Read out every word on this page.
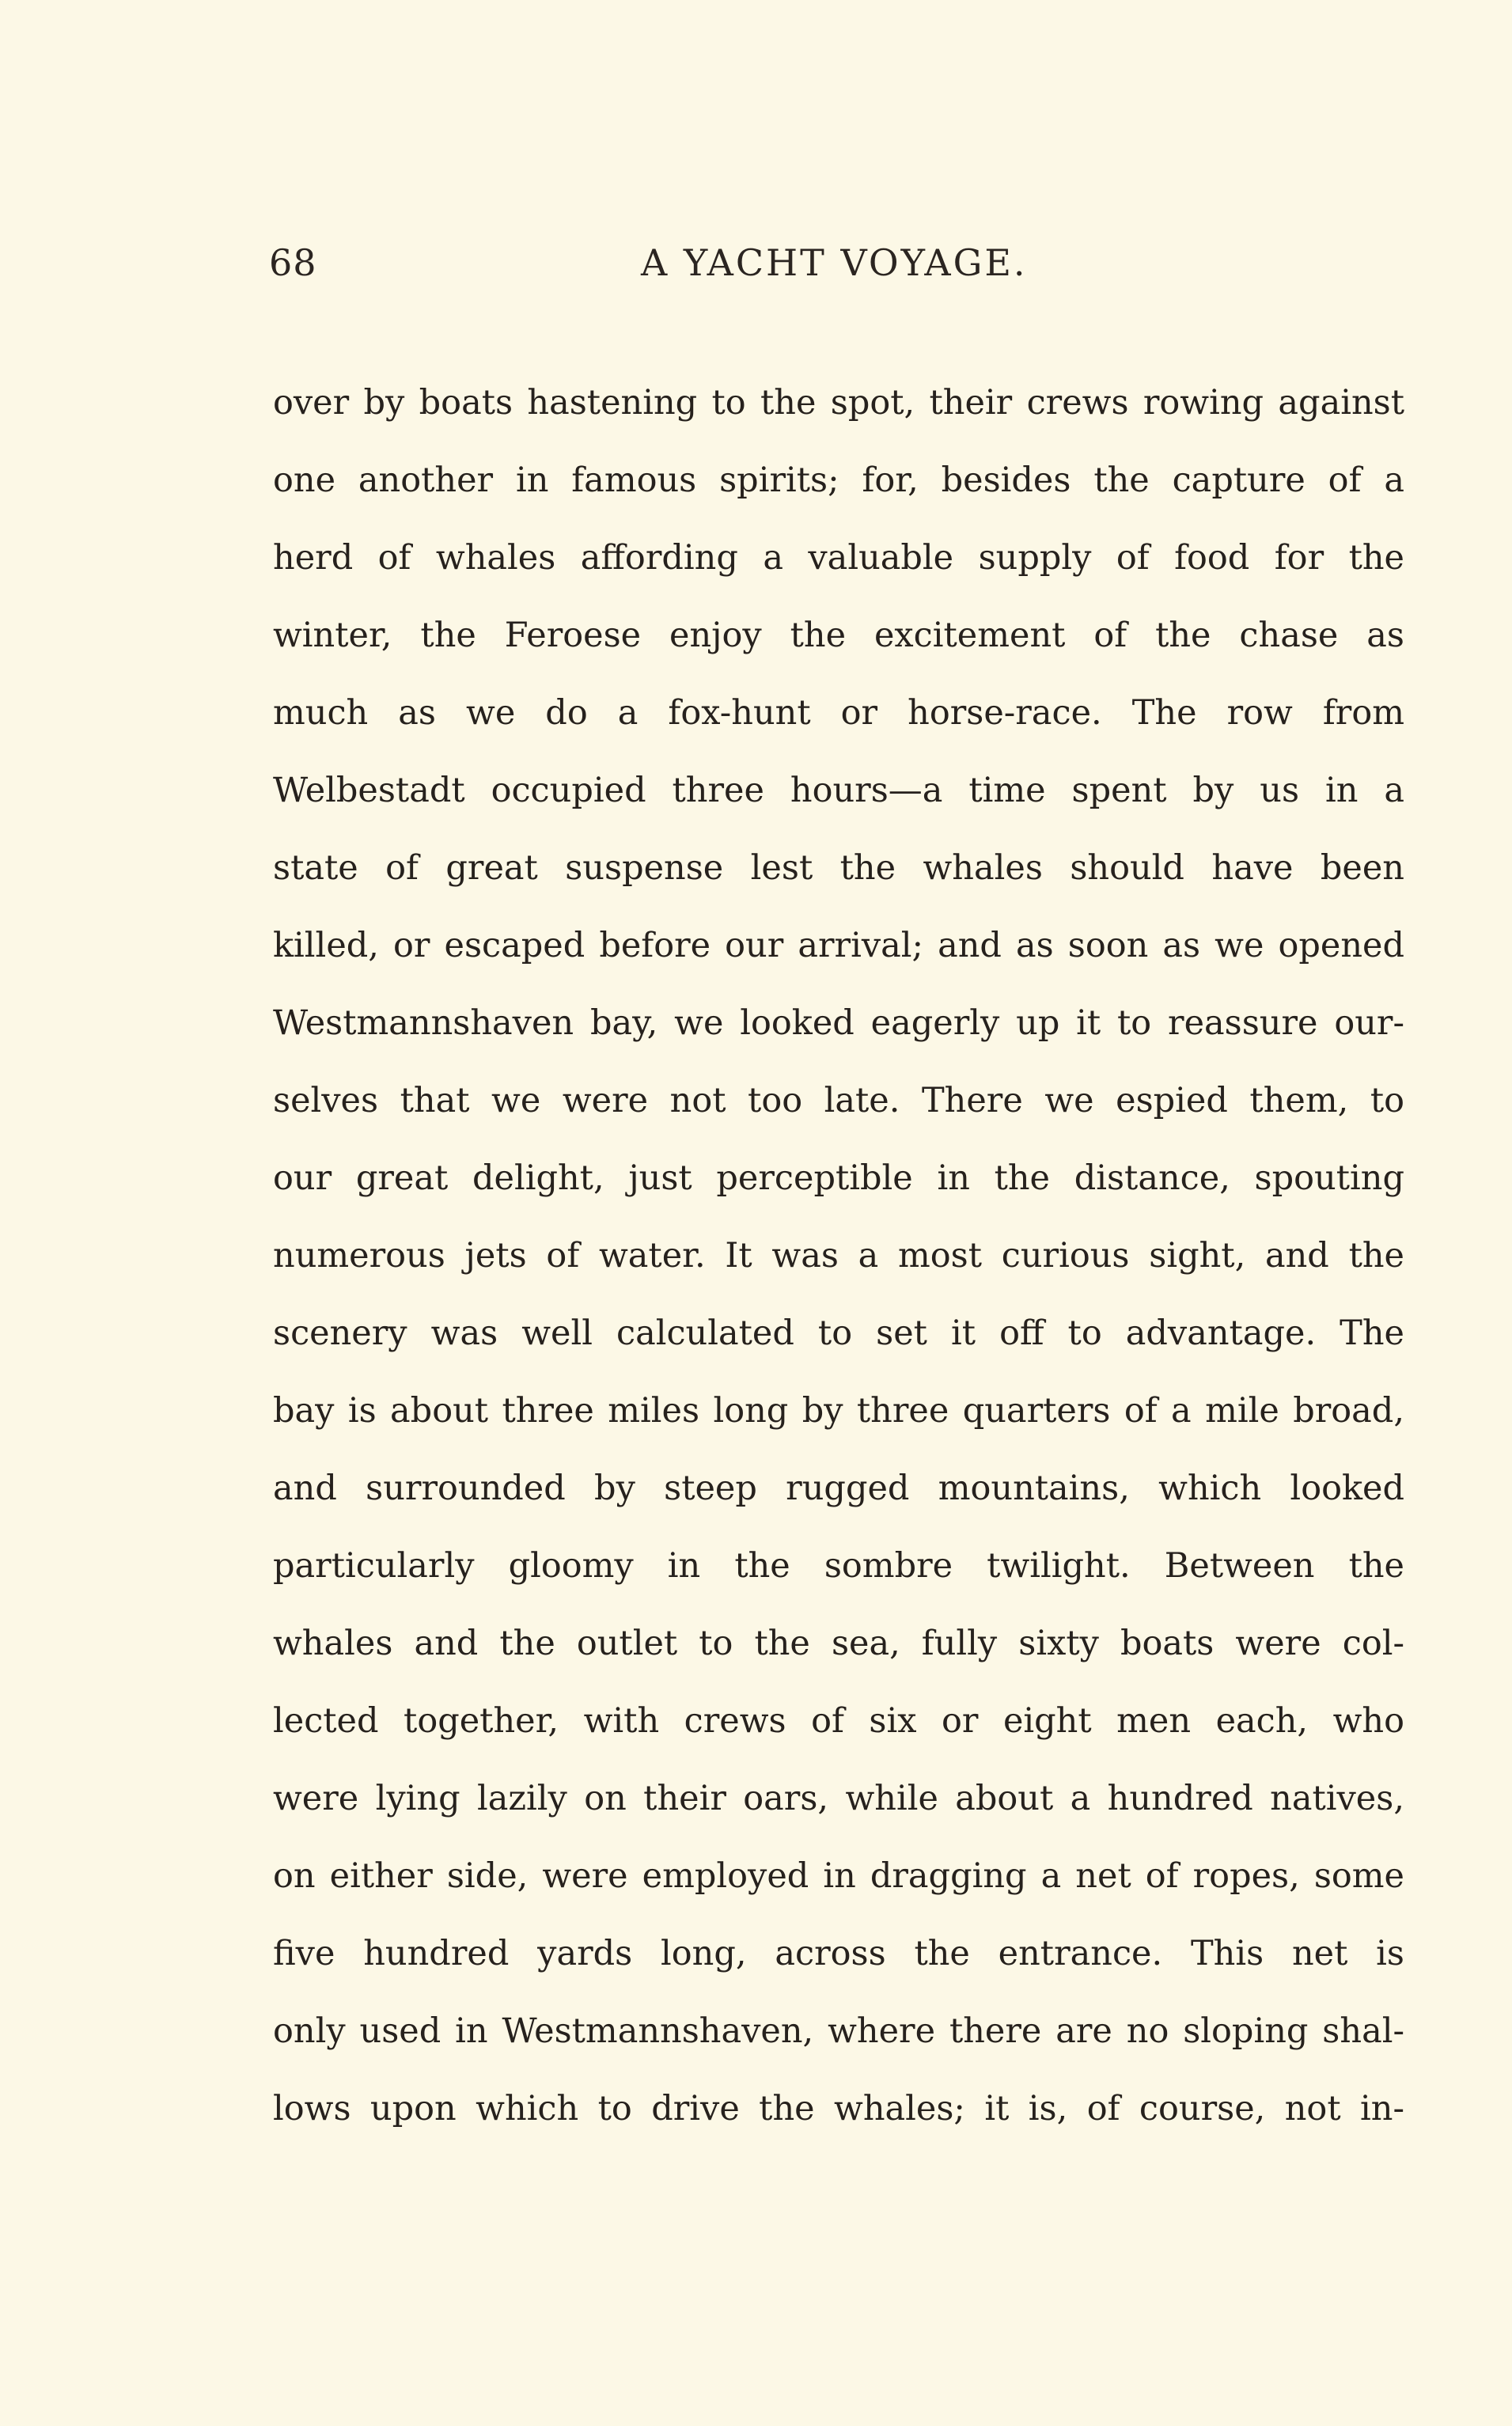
68	A YACHT VOYAGE.
over by boats hastening to the spot, their crews rowing against
one another in famous spirits; for, besides the capture of a
herd of whales affording a valuable supply of food for the
winter, the Feroese enjoy the excitement of the chase as
much as we do a fox-hunt or horse-race. The row from
Welbestadt occupied three hours—a time spent by us in a
state of great suspense lest the whales should have been
killed, or escaped before our arrival; and as soon as we opened
Westmannshaven bay, we looked eagerly up it to reassure our-
selves that we were not too late. There we espied them, to
our great delight, just perceptible in the distance, spouting
numerous jets of water. It was a most curious sight, and the
scenery was well calculated to set it off to advantage. The
bay is about three miles long by three quarters of a mile broad,
and surrounded by steep rugged mountains, which looked
particularly gloomy in the sombre twilight. Between the
whales and the outlet to the sea, fully sixty boats were col-
lected together, with crews of six or eight men each, who
were lying lazily on their oars, while about a hundred natives,
on either side, were employed in dragging a net of ropes, some
five hundred yards long, across the entrance. This net is
only used in Westmannshaven, where there are no sloping shal-
lows upon which to drive the whales; it is, of course, not in-
